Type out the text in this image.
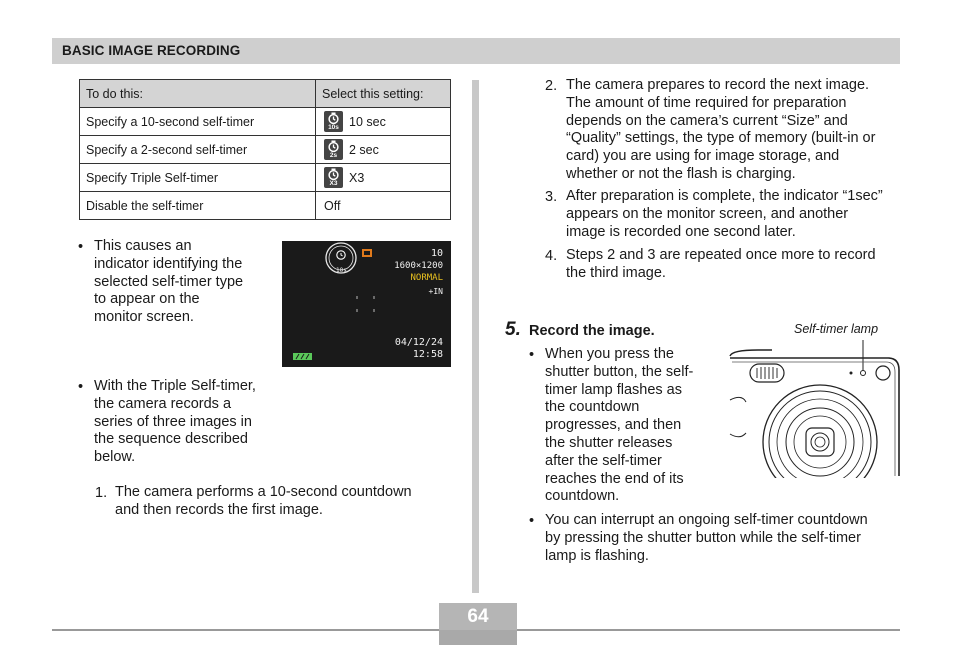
BASIC IMAGE RECORDING
To do this:	Select this setting:
Specify a 10-second self-timer	10s 10 sec

Specify a 2-second self-timer	2s 2 sec

Specify Triple Self-timer	X3 X3

Disable the self-timer	Off
• This causes an
indicator identifying the
selected self-timer type
to appear on the
monitor screen.
10s
10
1600×1200
NORMAL
+IN
04/12/24
12:58
• With the Triple Self-timer,
the camera records a
series of three images in
the sequence described
below.
1. The camera performs a 10-second countdown
and then records the first image.
2. The camera prepares to record the next image.
The amount of time required for preparation
depends on the camera’s current “Size” and
“Quality” settings, the type of memory (built-in or
card) you are using for image storage, and
whether or not the flash is charging.
3. After preparation is complete, the indicator “1sec”
appears on the monitor screen, and another
image is recorded one second later.
4. Steps 2 and 3 are repeated once more to record
the third image.
5. Record the image.	Self-timer lamp
• When you press the
shutter button, the self-
timer lamp flashes as
the countdown
progresses, and then
the shutter releases
after the self-timer
reaches the end of its
countdown.
• You can interrupt an ongoing self-timer countdown
by pressing the shutter button while the self-timer
lamp is flashing.
64
